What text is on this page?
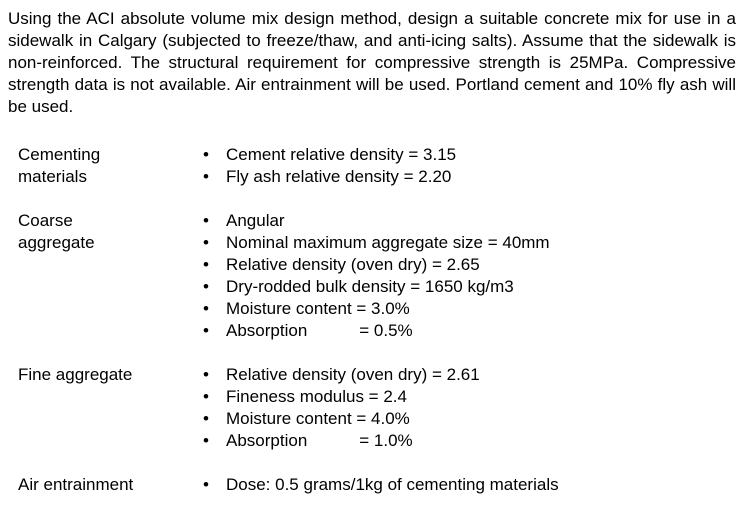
Using the ACI absolute volume mix design method, design a suitable concrete mix for use in a sidewalk in Calgary (subjected to freeze/thaw, and anti-icing salts). Assume that the sidewalk is non-reinforced. The structural requirement for compressive strength is 25MPa. Compressive strength data is not available. Air entrainment will be used. Portland cement and 10% fly ash will be used.

Cementing
materials

• Cement relative density = 3.15
• Fly ash relative density = 2.20

Coarse
aggregate

• Angular
• Nominal maximum aggregate size = 40mm
• Relative density (oven dry) = 2.65
• Dry-rodded bulk density = 1650 kg/m3
• Moisture content = 3.0%
• Absorption	= 0.5%

Fine aggregate	• Relative density (oven dry) = 2.61
• Fineness modulus = 2.4
• Moisture content = 4.0%
• Absorption	= 1.0%

Air entrainment	• Dose: 0.5 grams/1kg of cementing materials
